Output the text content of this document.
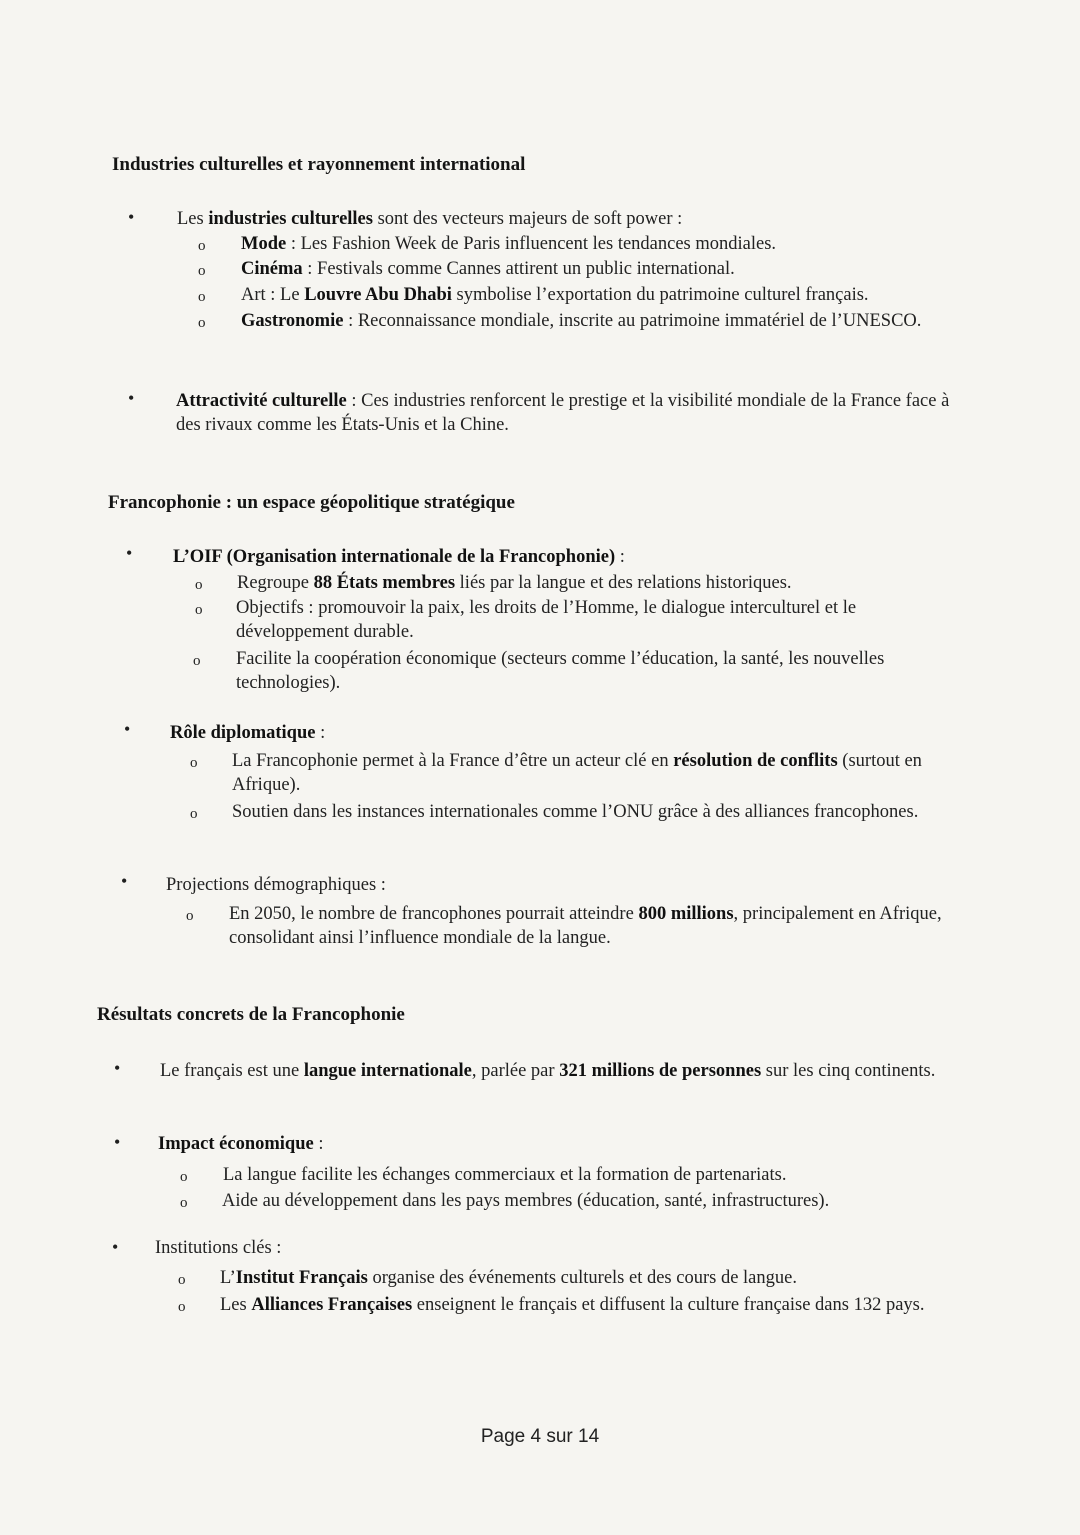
Industries culturelles et rayonnement international
• Les industries culturelles sont des vecteurs majeurs de soft power :
o Mode : Les Fashion Week de Paris influencent les tendances mondiales.
o Cinéma : Festivals comme Cannes attirent un public international.
o Art : Le Louvre Abu Dhabi symbolise l’exportation du patrimoine culturel français.
o Gastronomie : Reconnaissance mondiale, inscrite au patrimoine immatériel de l’UNESCO.
• Attractivité culturelle : Ces industries renforcent le prestige et la visibilité mondiale de la France face à des rivaux comme les États-Unis et la Chine.
Francophonie : un espace géopolitique stratégique
• L’OIF (Organisation internationale de la Francophonie) :
o Regroupe 88 États membres liés par la langue et des relations historiques.
o Objectifs : promouvoir la paix, les droits de l’Homme, le dialogue interculturel et le développement durable.
o Facilite la coopération économique (secteurs comme l’éducation, la santé, les nouvelles technologies).
• Rôle diplomatique :
o La Francophonie permet à la France d’être un acteur clé en résolution de conflits (surtout en Afrique).
o Soutien dans les instances internationales comme l’ONU grâce à des alliances francophones.
• Projections démographiques :
o En 2050, le nombre de francophones pourrait atteindre 800 millions, principalement en Afrique, consolidant ainsi l’influence mondiale de la langue.
Résultats concrets de la Francophonie
• Le français est une langue internationale, parlée par 321 millions de personnes sur les cinq continents.
• Impact économique :
o La langue facilite les échanges commerciaux et la formation de partenariats.
o Aide au développement dans les pays membres (éducation, santé, infrastructures).
• Institutions clés :
o L’Institut Français organise des événements culturels et des cours de langue.
o Les Alliances Françaises enseignent le français et diffusent la culture française dans 132 pays.
Page 4 sur 14
